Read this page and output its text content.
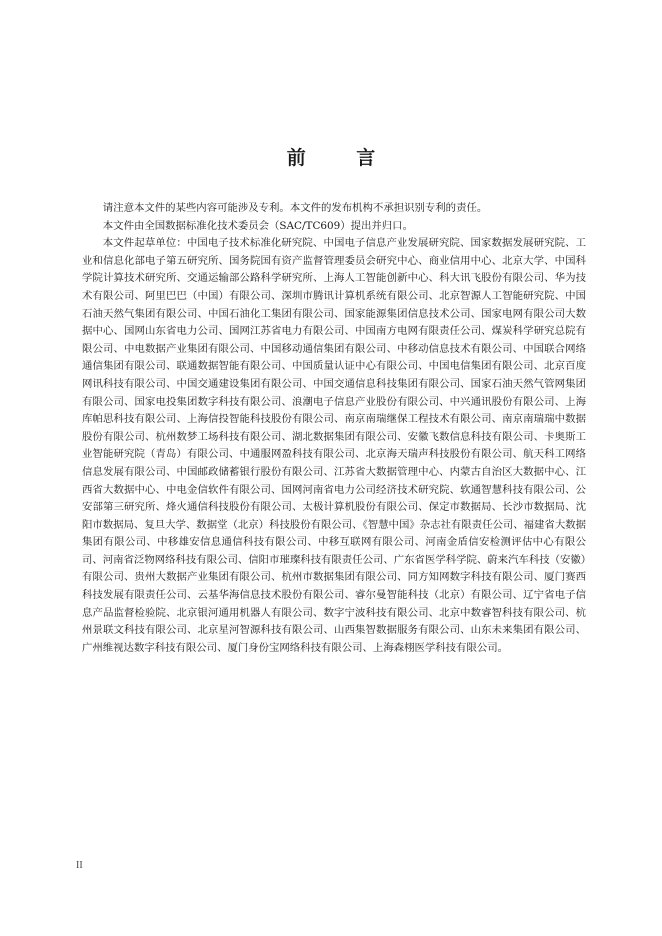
前 言

请注意本文件的某些内容可能涉及专利。本文件的发布机构不承担识别专利的责任。

本文件由全国数据标准化技术委员会（SAC/TC609）提出并归口。

本文件起草单位：中国电子技术标准化研究院、中国电子信息产业发展研究院、国家数据发展研究院、工业和信息化部电子第五研究所、国务院国有资产监督管理委员会研究中心、商业信用中心、北京大学、中国科学院计算技术研究所、交通运输部公路科学研究所、上海人工智能创新中心、科大讯飞股份有限公司、华为技术有限公司、阿里巴巴（中国）有限公司、深圳市腾讯计算机系统有限公司、北京智源人工智能研究院、中国石油天然气集团有限公司、中国石油化工集团有限公司、国家能源集团信息技术公司、国家电网有限公司大数据中心、国网山东省电力公司、国网江苏省电力有限公司、中国南方电网有限责任公司、煤炭科学研究总院有限公司、中电数据产业集团有限公司、中国移动通信集团有限公司、中移动信息技术有限公司、中国联合网络通信集团有限公司、联通数据智能有限公司、中国质量认证中心有限公司、中国电信集团有限公司、北京百度网讯科技有限公司、中国交通建设集团有限公司、中国交通信息科技集团有限公司、国家石油天然气管网集团有限公司、国家电投集团数字科技有限公司、浪潮电子信息产业股份有限公司、中兴通讯股份有限公司、上海库帕思科技有限公司、上海信投智能科技股份有限公司、南京南瑞继保工程技术有限公司、南京南瑞瑞中数据股份有限公司、杭州数梦工场科技有限公司、湖北数据集团有限公司、安徽飞数信息科技有限公司、卡奥斯工业智能研究院（青岛）有限公司、中通服网盈科技有限公司、北京海天瑞声科技股份有限公司、航天科工网络信息发展有限公司、中国邮政储蓄银行股份有限公司、江苏省大数据管理中心、内蒙古自治区大数据中心、江西省大数据中心、中电金信软件有限公司、国网河南省电力公司经济技术研究院、软通智慧科技有限公司、公安部第三研究所、烽火通信科技股份有限公司、太极计算机股份有限公司、保定市数据局、长沙市数据局、沈阳市数据局、复旦大学、数据堂（北京）科技股份有限公司、《智慧中国》杂志社有限责任公司、福建省大数据集团有限公司、中移雄安信息通信科技有限公司、中移互联网有限公司、河南金盾信安检测评估中心有限公司、河南省泛物网络科技有限公司、信阳市璀璨科技有限责任公司、广东省医学科学院、蔚来汽车科技（安徽）有限公司、贵州大数据产业集团有限公司、杭州市数据集团有限公司、同方知网数字科技有限公司、厦门赛西科技发展有限责任公司、云基华海信息技术股份有限公司、睿尔曼智能科技（北京）有限公司、辽宁省电子信息产品监督检验院、北京银河通用机器人有限公司、数字宁波科技有限公司、北京中数睿智科技有限公司、杭州景联文科技有限公司、北京星河智源科技有限公司、山西集智数据服务有限公司、山东未来集团有限公司、广州维视达数字科技有限公司、厦门身份宝网络科技有限公司、上海森栩医学科技有限公司。

II
